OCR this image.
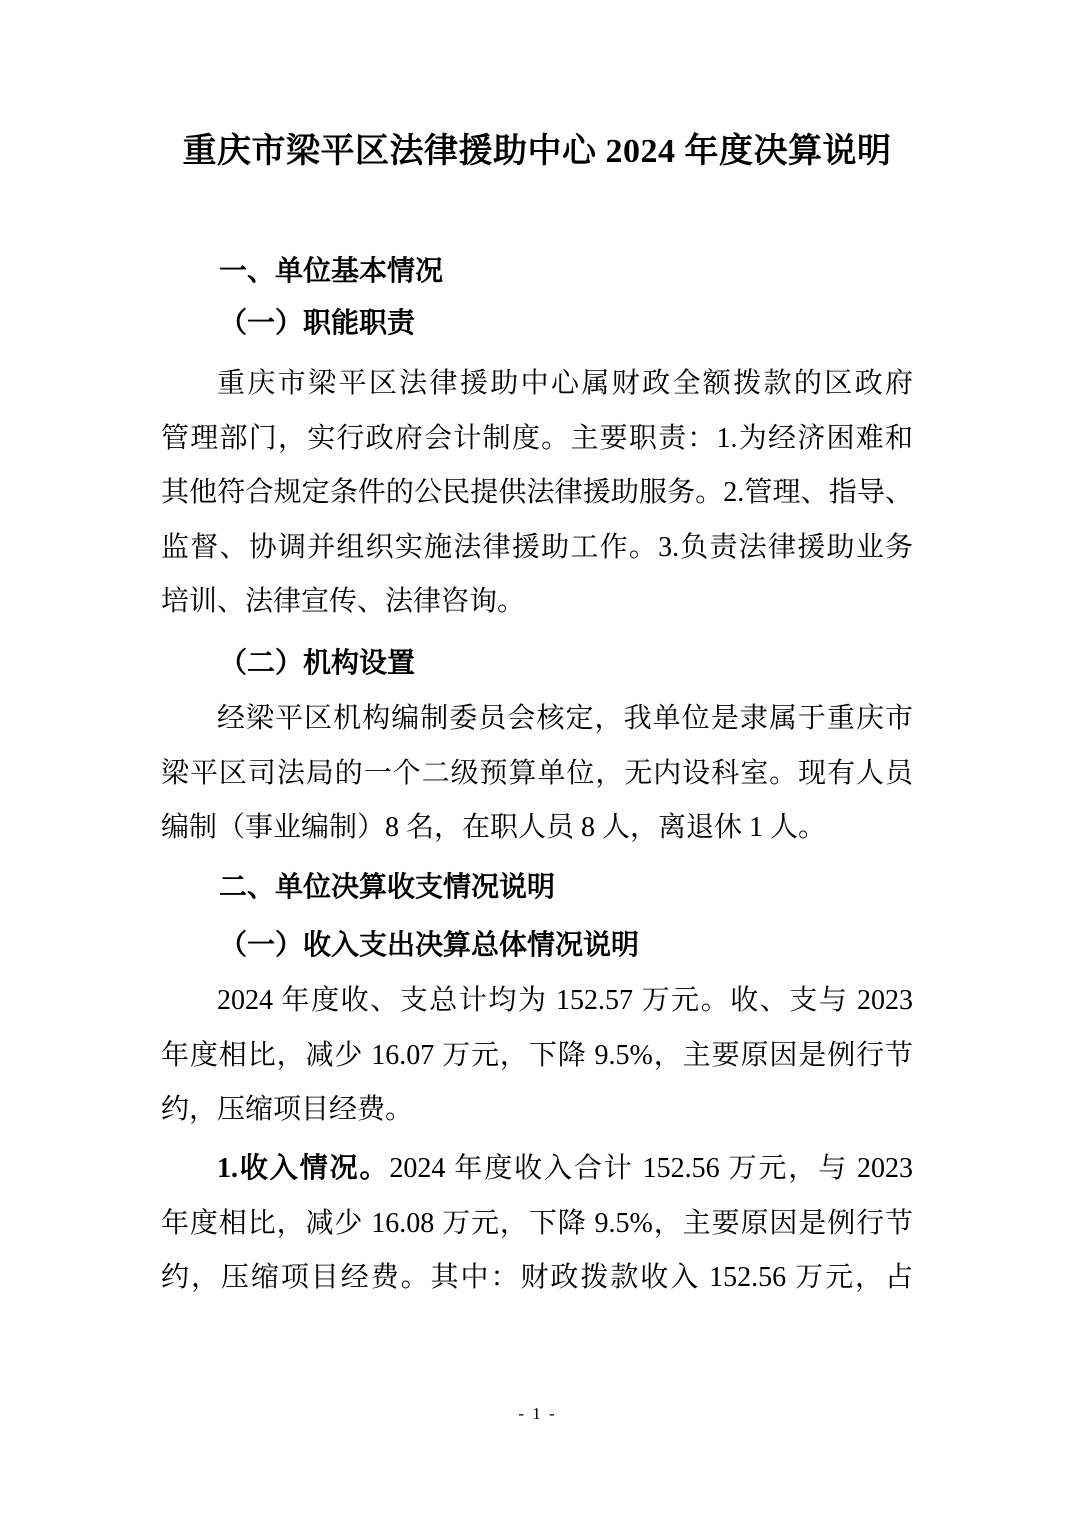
重庆市梁平区法律援助中心 2024 年度决算说明
一、单位基本情况
（一）职能职责
重庆市梁平区法律援助中心属财政全额拨款的区政府
管理部门，实行政府会计制度。主要职责：1.为经济困难和
其他符合规定条件的公民提供法律援助服务。2.管理、指导、
监督、协调并组织实施法律援助工作。3.负责法律援助业务
培训、法律宣传、法律咨询。
（二）机构设置
经梁平区机构编制委员会核定，我单位是隶属于重庆市
梁平区司法局的一个二级预算单位，无内设科室。现有人员
编制（事业编制）8 名，在职人员 8 人，离退休 1 人。
二、单位决算收支情况说明
（一）收入支出决算总体情况说明
2024 年度收、支总计均为 152.57 万元。收、支与 2023
年度相比，减少 16.07 万元，下降 9.5%，主要原因是例行节
约，压缩项目经费。
1.收入情况。2024 年度收入合计 152.56 万元，与 2023
年度相比，减少 16.08 万元，下降 9.5%，主要原因是例行节
约，压缩项目经费。其中：财政拨款收入 152.56 万元，占
- 1 -
